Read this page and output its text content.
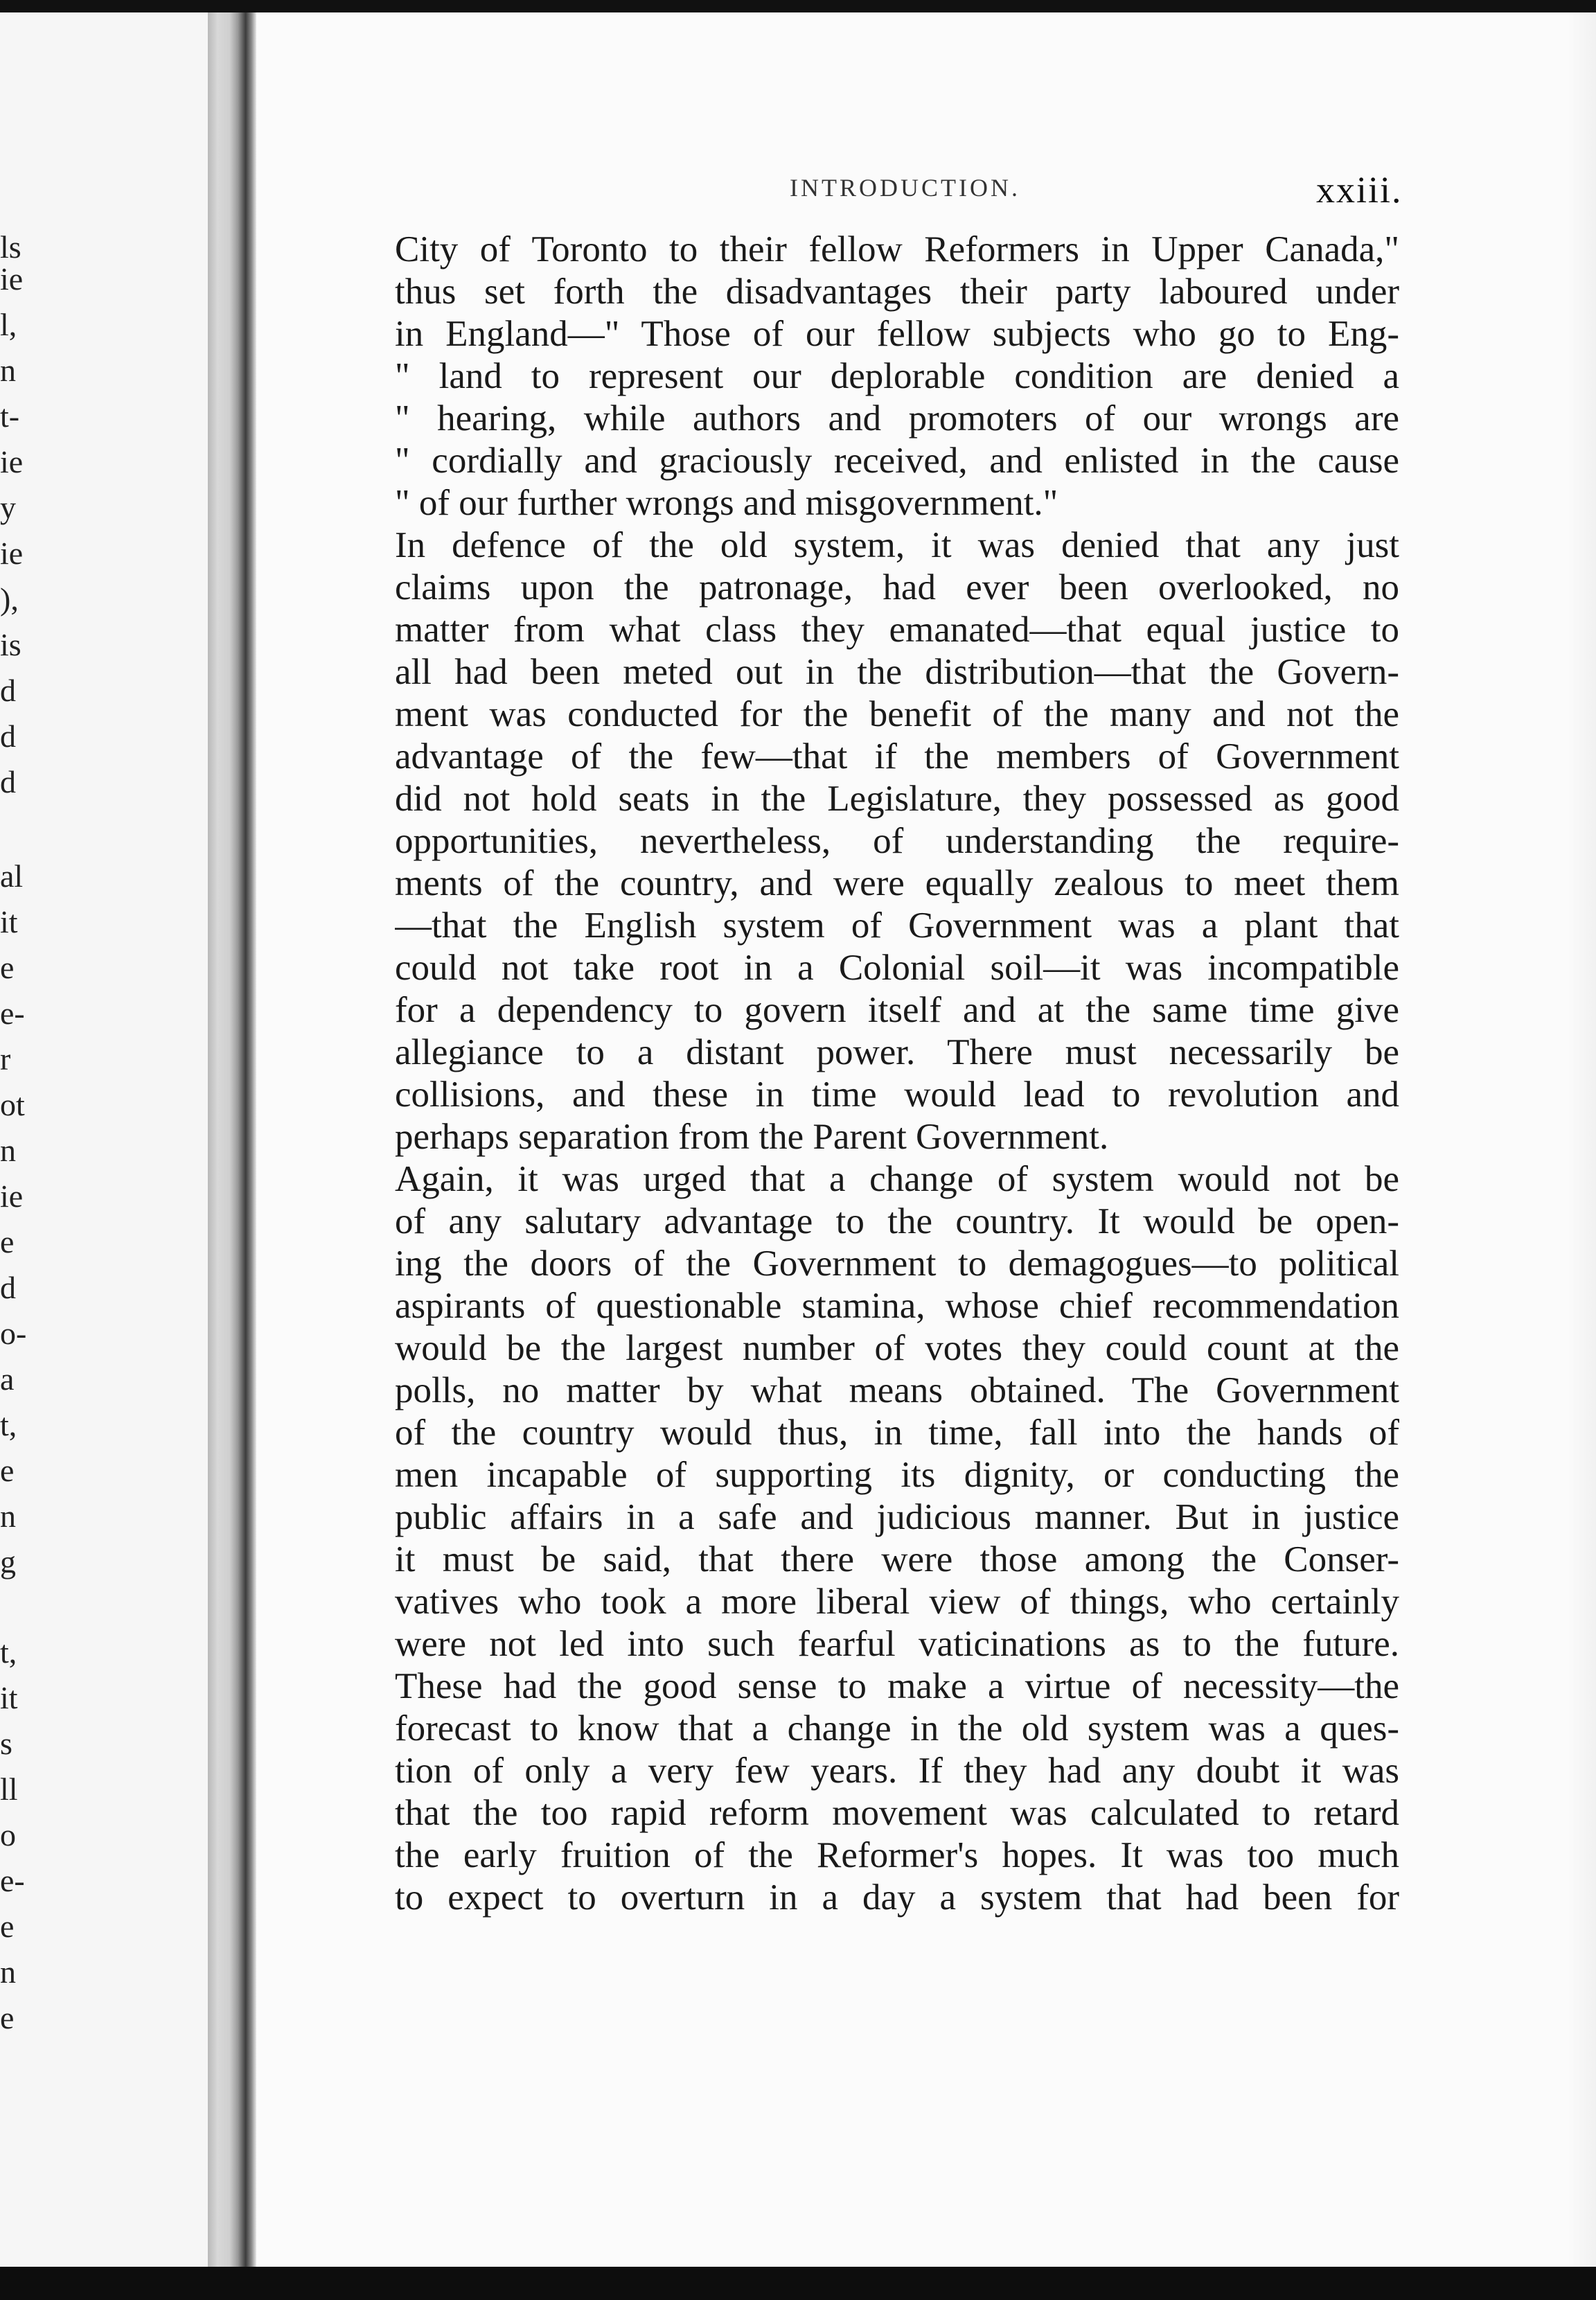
ls
ie
l,
n
t-
ie
y
ie
),
is
d
d
d
al
it
e
e-
r
ot
n
ie
e
d
o-
a
t,
e
n
g
t,
it
s
ll
o
e-
e
n
e
INTRODUCTION.	xxiii.
City of Toronto to their fellow Reformers in Upper Canada,"
thus set forth the disadvantages their party laboured under
in England—" Those of our fellow subjects who go to Eng-
" land to represent our deplorable condition are denied a
" hearing, while authors and promoters of our wrongs are
" cordially and graciously received, and enlisted in the cause
" of our further wrongs and misgovernment."
In defence of the old system, it was denied that any just
claims upon the patronage, had ever been overlooked, no
matter from what class they emanated—that equal justice to
all had been meted out in the distribution—that the Govern-
ment was conducted for the benefit of the many and not the
advantage of the few—that if the members of Government
did not hold seats in the Legislature, they possessed as good
opportunities, nevertheless, of understanding the require-
ments of the country, and were equally zealous to meet them
—that the English system of Government was a plant that
could not take root in a Colonial soil—it was incompatible
for a dependency to govern itself and at the same time give
allegiance to a distant power. There must necessarily be
collisions, and these in time would lead to revolution and
perhaps separation from the Parent Government.
Again, it was urged that a change of system would not be
of any salutary advantage to the country. It would be open-
ing the doors of the Government to demagogues—to political
aspirants of questionable stamina, whose chief recommendation
would be the largest number of votes they could count at the
polls, no matter by what means obtained. The Government
of the country would thus, in time, fall into the hands of
men incapable of supporting its dignity, or conducting the
public affairs in a safe and judicious manner. But in justice
it must be said, that there were those among the Conser-
vatives who took a more liberal view of things, who certainly
were not led into such fearful vaticinations as to the future.
These had the good sense to make a virtue of necessity—the
forecast to know that a change in the old system was a ques-
tion of only a very few years. If they had any doubt it was
that the too rapid reform movement was calculated to retard
the early fruition of the Reformer's hopes. It was too much
to expect to overturn in a day a system that had been for
